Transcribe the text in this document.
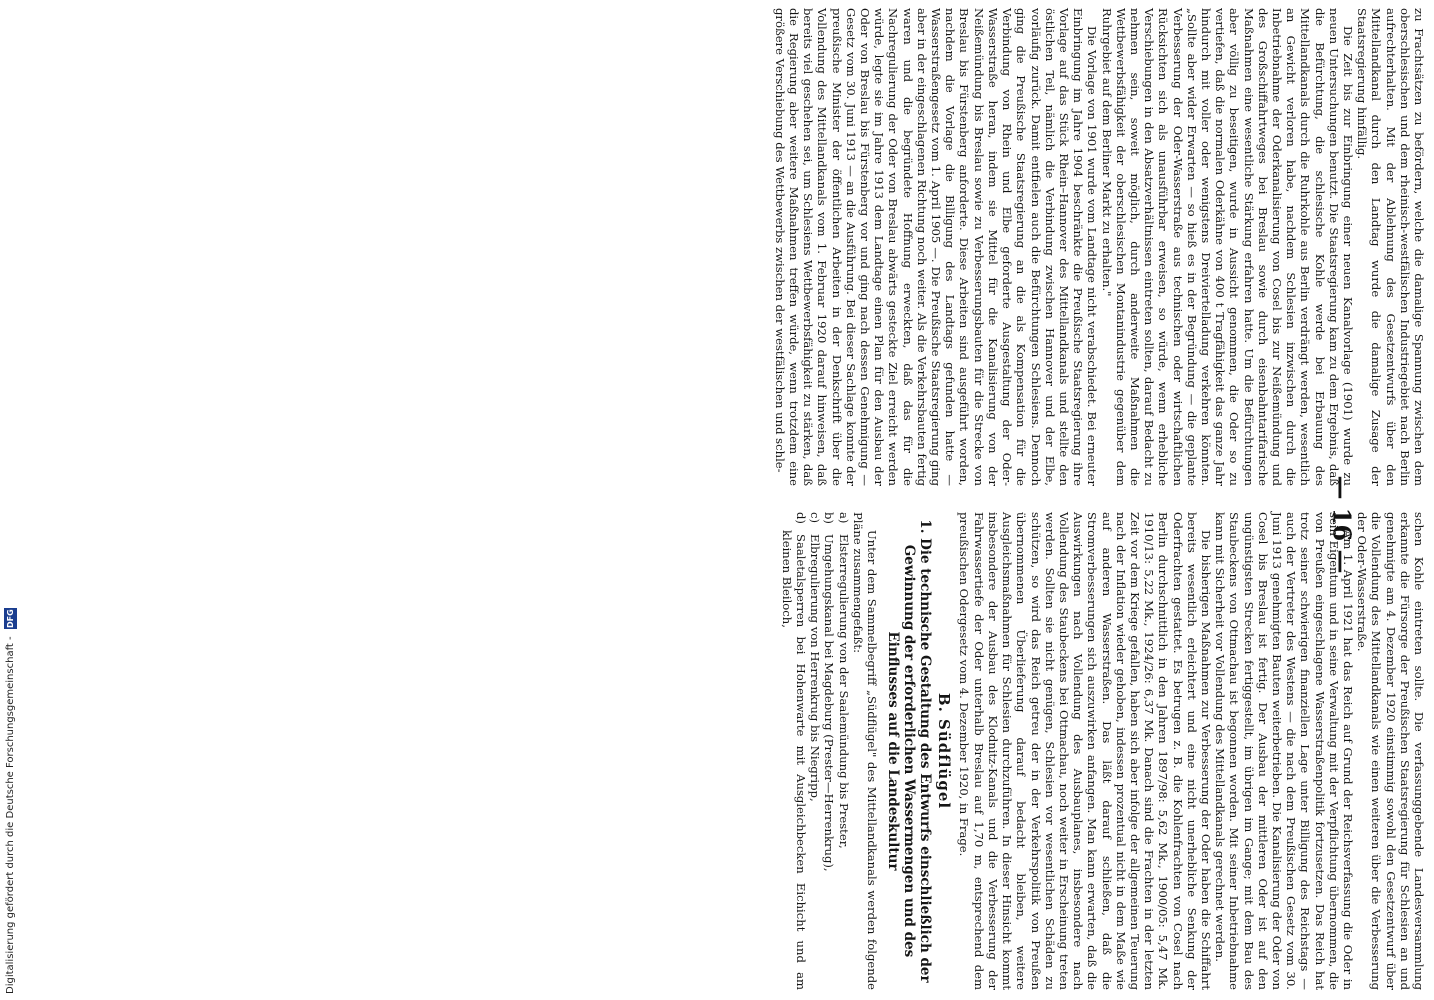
zu Frachtsätzen zu befördern, welche die damalige Spannung zwischen dem oberschlesischen und dem rheinisch-westfälischen Industriegebiet nach Berlin aufrechterhalten. Mit der Ablehnung des Gesetzentwurfs über den Mittellandkanal durch den Landtag wurde die damalige Zusage der Staatsregierung hinfällig.

Die Zeit bis zur Einbringung einer neuen Kanalvorlage (1901) wurde zu neuen Untersuchungen benutzt. Die Staatsregierung kam zu dem Ergebnis, daß die Befürchtung, die schlesische Kohle werde bei Erbauung des Mittellandkanals durch die Ruhrkohle aus Berlin verdrängt werden, wesentlich an Gewicht verloren habe, nachdem Schlesien inzwischen durch die Inbetriebnahme der Oderkanalisierung von Cosel bis zur Neißemündung und des Großschiffahrtweges bei Breslau sowie durch eisenbahntarifarische Maßnahmen eine wesentliche Stärkung erfahren hatte. Um die Befürchtungen aber völlig zu beseitigen, wurde in Aussicht genommen, die Oder so zu vertiefen, daß die normalen Oderkähne von 400 t Tragfähigkeit das ganze Jahr hindurch mit voller oder wenigstens Dreiviertelladung verkehren könnten. „Sollte aber wider Erwarten — so hieß es in der Begründung — die geplante Verbesserung der Oder-Wasserstraße aus technischen oder wirtschaftlichen Rücksichten sich als unausführbar erweisen, so würde, wenn erhebliche Verschiebungen in den Absatzverhältnissen eintreten sollten, darauf Bedacht zu nehmen sein, soweit möglich, durch anderweite Maßnahmen die Wettbewerbsfähigkeit der oberschlesischen Montanindustrie gegenüber dem Ruhrgebiet auf dem Berliner Markt zu erhalten."

Die Vorlage von 1901 wurde vom Landtage nicht verabschiedet. Bei erneuter Einbringung im Jahre 1904 beschränkte die Preußische Staatsregierung ihre Vorlage auf das Stück Rhein–Hannover des Mittellandkanals und stellte den östlichen Teil, nämlich die Verbindung zwischen Hannover und der Elbe, vorläufig zurück. Damit entfielen auch die Befürchtungen Schlesiens. Dennoch ging die Preußische Staatsregierung an die als Kompensation für die Verbindung von Rhein und Elbe geforderte Ausgestaltung der Oder-Wasserstraße heran, indem sie Mittel für die Kanalisierung von der Neißemündung bis Breslau sowie zu Verbesserungsbauten für die Strecke von Breslau bis Fürstenberg anforderte. Diese Arbeiten sind ausgeführt worden, nachdem die Vorlage die Billigung des Landtags gefunden hatte — Wasserstraßengesetz vom 1. April 1905 —. Die Preußische Staatsregierung ging aber in der eingeschlagenen Richtung noch weiter. Als die Verkehrsbauten fertig waren und die begründete Hoffnung erweckten, daß das für die Nachregulierung der Oder von Breslau abwärts gesteckte Ziel erreicht werden würde, legte sie im Jahre 1913 dem Landtage einen Plan für den Ausbau der Oder von Breslau bis Fürstenberg vor und ging nach dessen Genehmigung — Gesetz vom 30. Juni 1913 — an die Ausführung. Bei dieser Sachlage konnte der preußische Minister der öffentlichen Arbeiten in der Denkschrift über die Vollendung des Mittellandkanals vom 1. Februar 1920 darauf hinweisen, daß bereits viel geschehen sei, um Schlesiens Wettbewerbsfähigkeit zu stärken, daß die Regierung aber weitere Maßnahmen treffen würde, wenn trotzdem eine größere Verschiebung des Wettbewerbs zwischen der westfälischen und schle-

schen Kohle eintreten sollte. Die verfassunggebende Landesversammlung erkannte die Fürsorge der Preußischen Staatsregierung für Schlesien an und genehmigte am 4. Dezember 1920 einstimmig sowohl den Gesetzentwurf über die Vollendung des Mittellandkanals wie einen weiteren über die Verbesserung der Oder-Wasserstraße.

Am 1. April 1921 hat das Reich auf Grund der Reichsverfassung die Oder in sein Eigentum und in seine Verwaltung mit der Verpflichtung übernommen, die von Preußen eingeschlagene Wasserstraßenpolitik fortzusetzen. Das Reich hat trotz seiner schwierigen finanziellen Lage unter Billigung des Reichstags — auch der Vertreter des Westens — die nach dem Preußischen Gesetz vom 30. Juni 1913 genehmigten Bauten weiterbetrieben. Die Kanalisierung der Oder von Cosel bis Breslau ist fertig. Der Ausbau der mittleren Oder ist auf den ungünstigsten Strecken fertiggestellt, im übrigen im Gange; mit dem Bau des Staubeckens von Ottmachau ist begonnen worden. Mit seiner Inbetriebnahme kann mit Sicherheit vor Vollendung des Mittellandkanals gerechnet werden.

Die bisherigen Maßnahmen zur Verbesserung der Oder haben die Schiffahrt bereits wesentlich erleichtert und eine nicht unerhebliche Senkung der Oderfrachten gestattet. Es betrugen z. B. die Kohlenfrachten von Cosel nach Berlin durchschnittlich in den Jahren 1897/98: 5,62 Mk., 1900/05: 5,47 Mk. 1910/13: 5,22 Mk., 1924/26: 6,37 Mk. Danach sind die Frachten in der letzten Zeit vor dem Kriege gefallen, haben sich aber infolge der allgemeinen Teuerung nach der Inflation wieder gehoben, indessen prozentual nicht in dem Maße wie auf anderen Wasserstraßen. Das läßt darauf schließen, daß die Stromverbesserungen sich auszuwirken anfangen. Man kann erwarten, daß die Auswirkungen nach Vollendung des Ausbauplanes, insbesondere nach Vollendung des Staubeckens bei Ottmachau, noch weiter in Erscheinung treten werden. Sollten sie nicht genügen, Schlesien vor wesentlichen Schäden zu schützen, so wird das Reich getreu der in der Verkehrspolitik von Preußen übernommenen Überlieferung darauf bedacht bleiben, weitere Ausgleichsmaßnahmen für Schlesien durchzuführen. In dieser Hinsicht kommt insbesondere der Ausbau des Klodnitz-Kanals und die Verbesserung der Fahrwassertiefe der Oder unterhalb Breslau auf 1,70 m, entsprechend dem preußischen Odergesetz vom 4. Dezember 1920, in Frage.

B. Südflügel
1. Die technische Gestaltung des Entwurfs einschließlich der Gewinnung der erforderlichen Wassermengen und des Einflusses auf die Landeskultur

Unter dem Sammelbegriff „Südflügel" des Mittellandkanals werden folgende Pläne zusammengefaßt:

a)Elsterregulierung von der Saalemündung bis Prester,

b)Umgehungskanal bei Magdeburg (Prester—Herrenkrug),

c)Elbregulierung von Herrenkrug bis Niegripp,

d)Saaletalsperren bei Hohenwarte mit Ausgleichbecken Eichicht und am kleinen Bleiloch,

Digitalisierung gefördert durch die Deutsche Forschungsgemeinschaft - DFG
— 16 —
